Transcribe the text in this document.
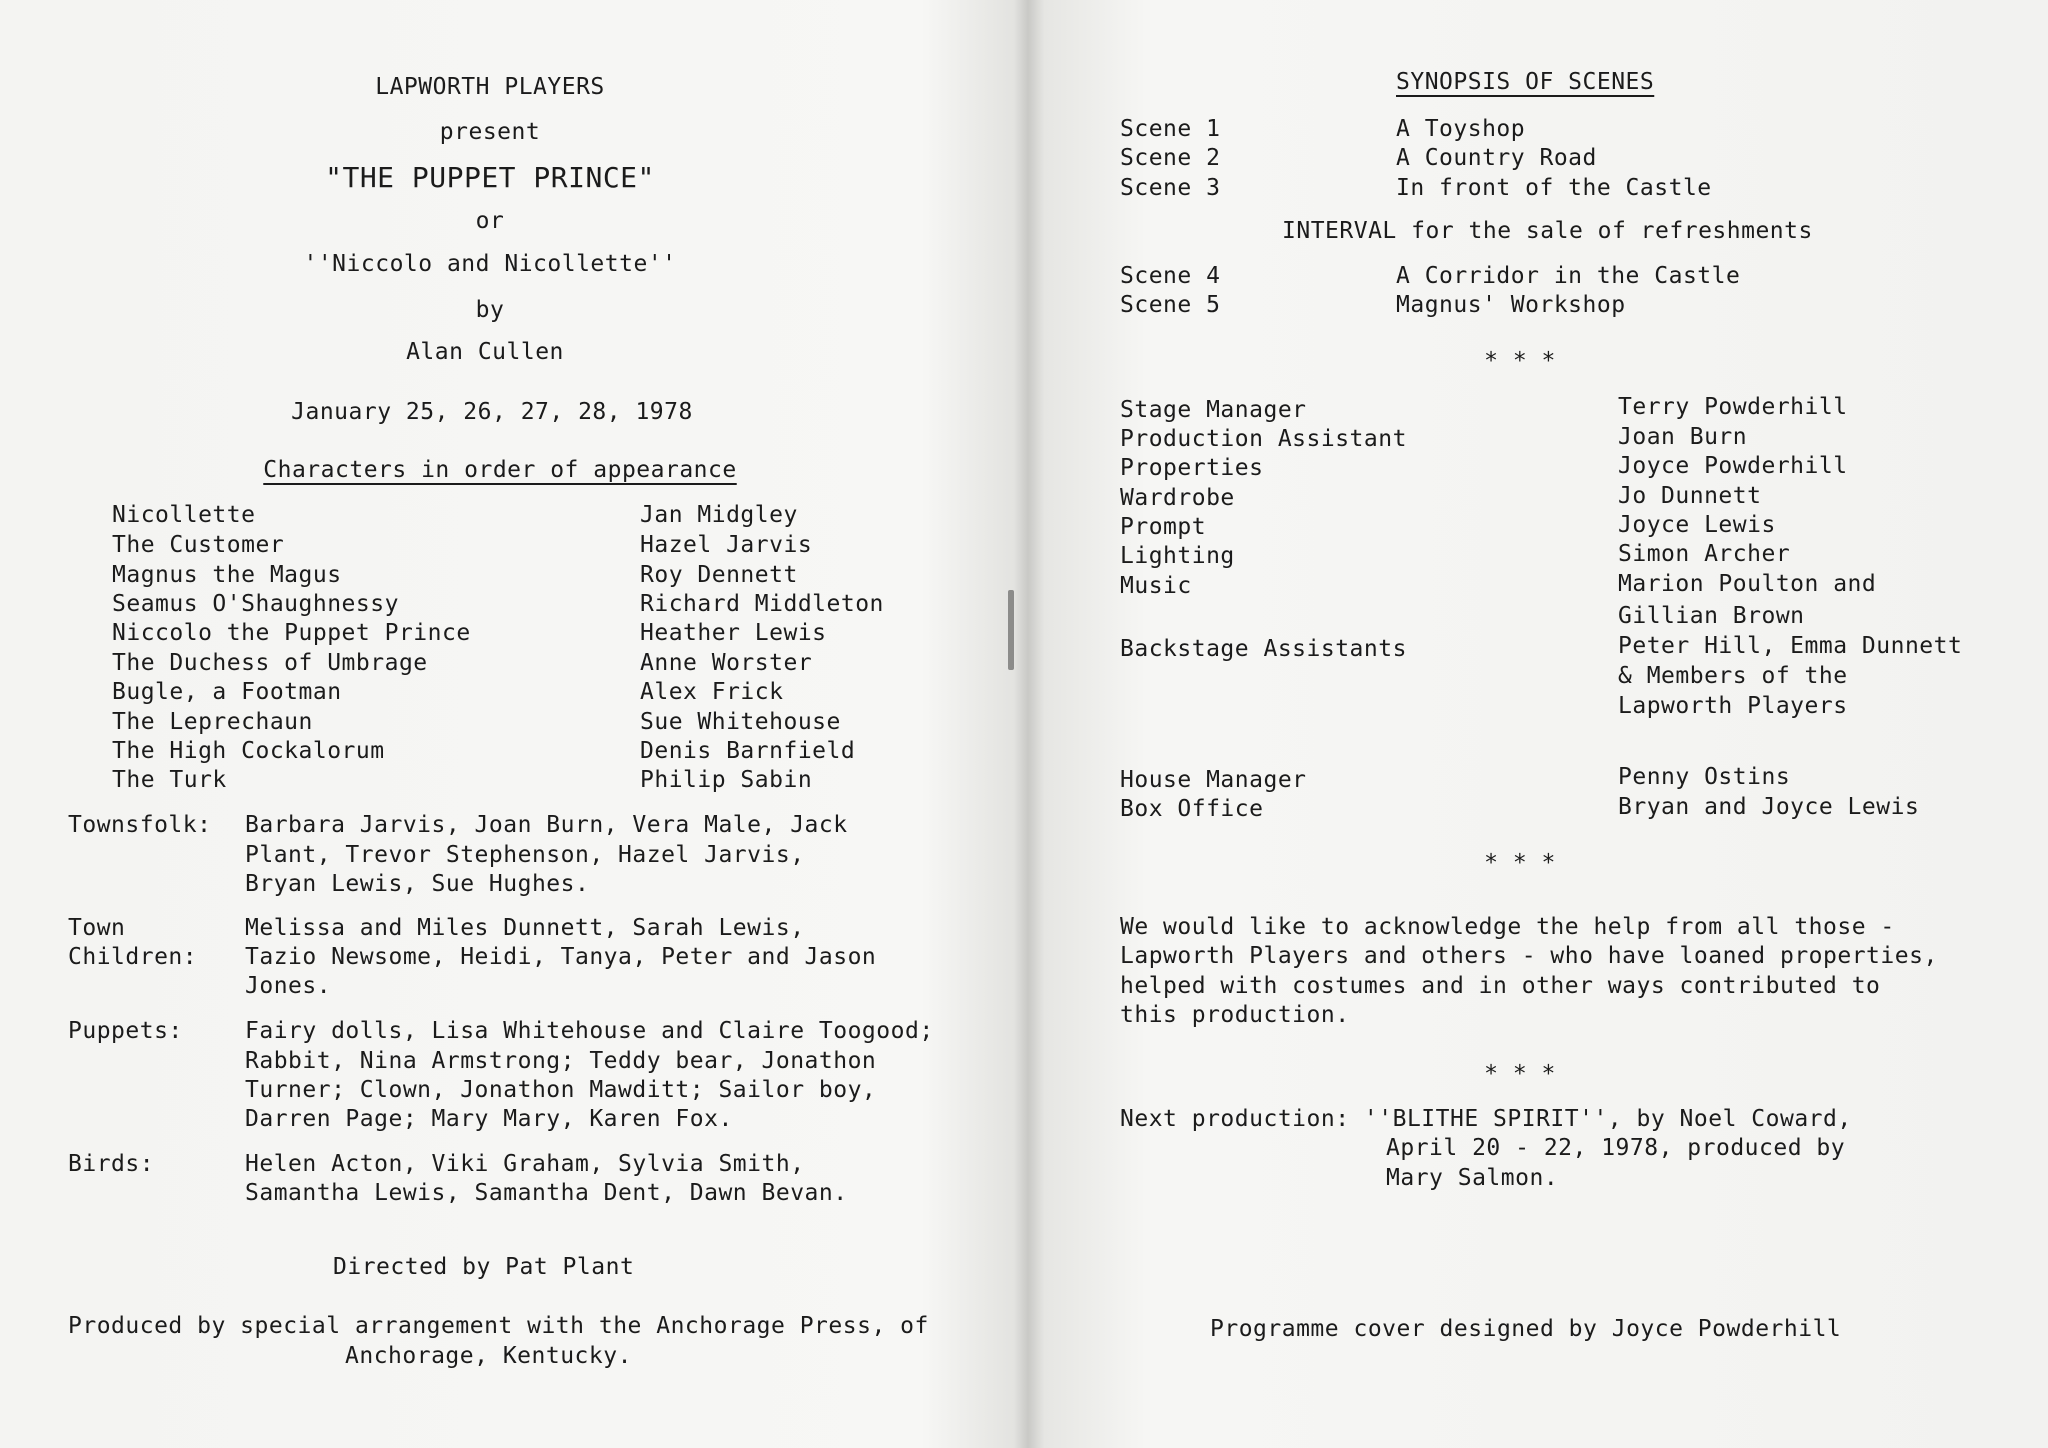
LAPWORTH PLAYERS
present
"THE PUPPET PRINCE"
or
''Niccolo and Nicollette''
by
Alan Cullen
January 25, 26, 27, 28, 1978
Characters in order of appearance
Nicollette	Jan Midgley
The Customer	Hazel Jarvis
Magnus the Magus	Roy Dennett
Seamus O'Shaughnessy	Richard Middleton
Niccolo the Puppet Prince	Heather Lewis
The Duchess of Umbrage	Anne Worster
Bugle, a Footman	Alex Frick
The Leprechaun	Sue Whitehouse
The High Cockalorum	Denis Barnfield
The Turk	Philip Sabin
Townsfolk: Barbara Jarvis, Joan Burn, Vera Male, Jack
Plant, Trevor Stephenson, Hazel Jarvis,
Bryan Lewis, Sue Hughes.
Town
Children:
Melissa and Miles Dunnett, Sarah Lewis,
Tazio Newsome, Heidi, Tanya, Peter and Jason
Jones.
Puppets:	Fairy dolls, Lisa Whitehouse and Claire Toogood;
Rabbit, Nina Armstrong; Teddy bear, Jonathon
Turner; Clown, Jonathon Mawditt; Sailor boy,
Darren Page; Mary Mary, Karen Fox.
Birds:	Helen Acton, Viki Graham, Sylvia Smith,
Samantha Lewis, Samantha Dent, Dawn Bevan.
Directed by Pat Plant
Produced by special arrangement with the Anchorage Press, of
Anchorage, Kentucky.
SYNOPSIS OF SCENES
Scene 1	A Toyshop
Scene 2	A Country Road
Scene 3	In front of the Castle
INTERVAL for the sale of refreshments
Scene 4	A Corridor in the Castle
Scene 5	Magnus' Workshop
* * *
Stage Manager	Terry Powderhill
Production Assistant	Joan Burn
Properties	Joyce Powderhill
Wardrobe	Jo Dunnett
Prompt	Joyce Lewis
Lighting	Simon Archer
Music	Marion Poulton and
Gillian Brown
Backstage Assistants	Peter Hill, Emma Dunnett
& Members of the
Lapworth Players
House Manager	Penny Ostins
Box Office	Bryan and Joyce Lewis
* * *
We would like to acknowledge the help from all those -
Lapworth Players and others - who have loaned properties,
helped with costumes and in other ways contributed to
this production.
* * *
Next production: ''BLITHE SPIRIT'', by Noel Coward,
April 20 - 22, 1978, produced by
Mary Salmon.
Programme cover designed by Joyce Powderhill
